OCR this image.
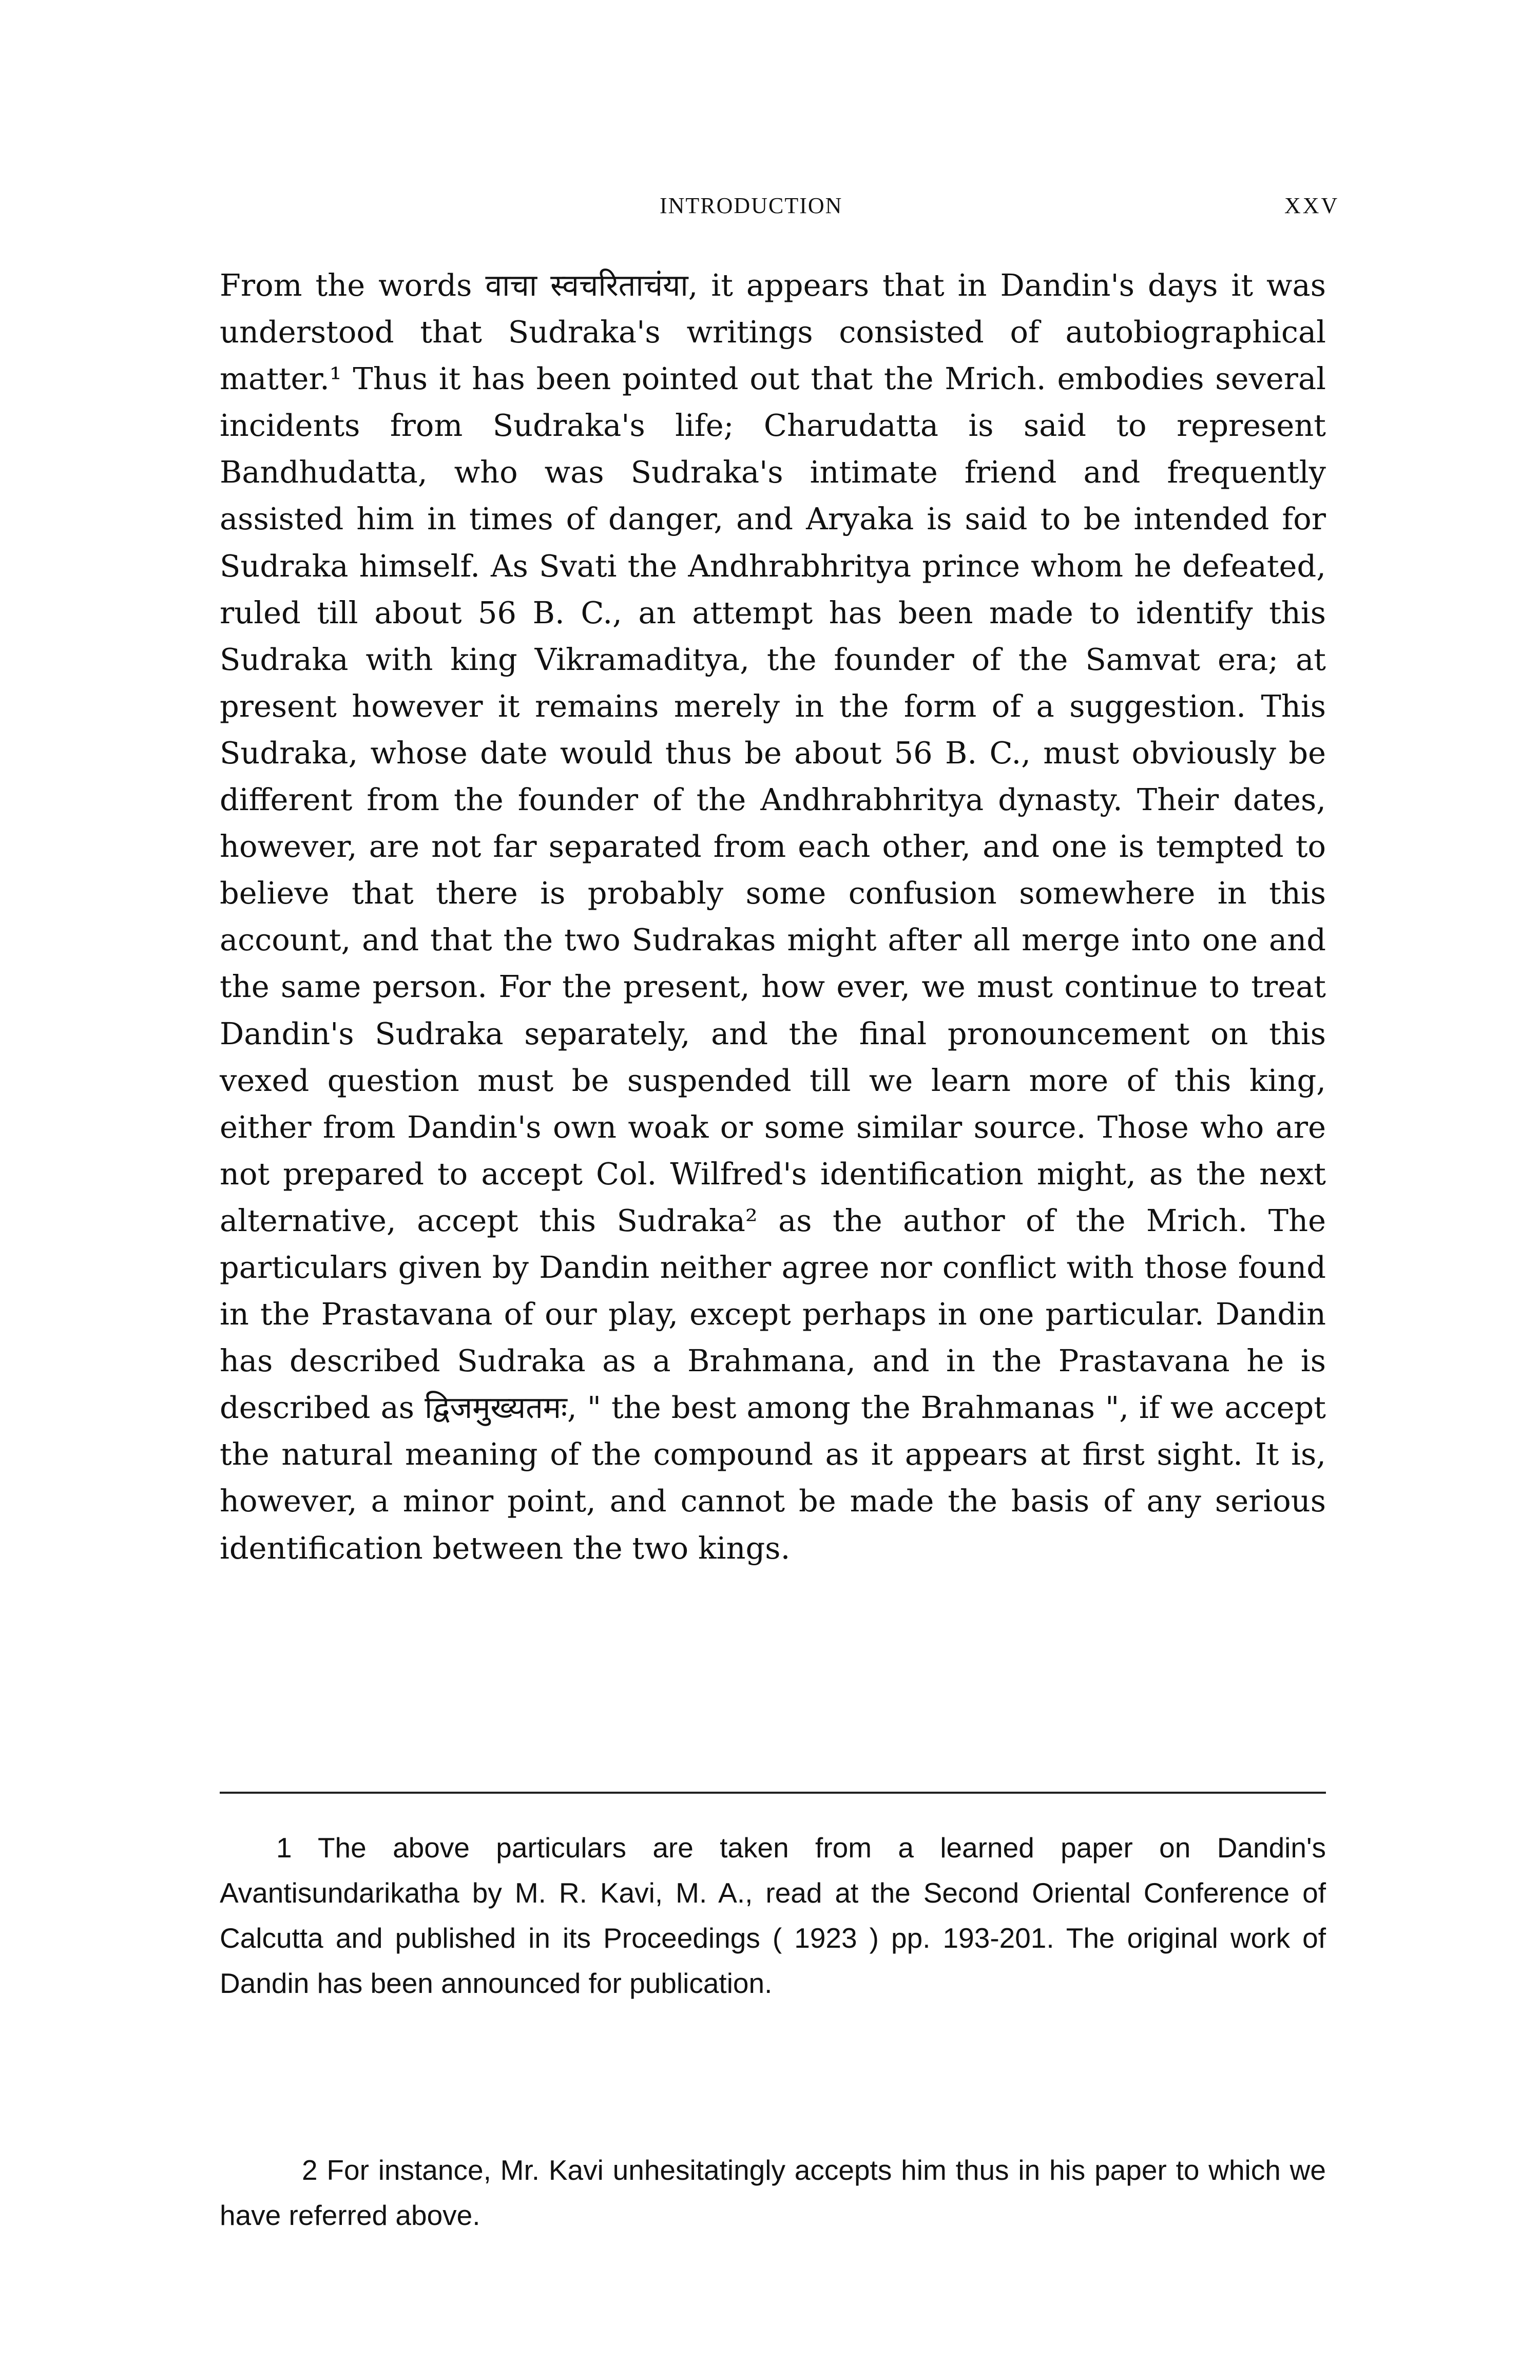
INTRODUCTION	XXV

From the words वाचा स्वचरिताचंया, it appears that in Dandin's days it was understood that Sudraka's writings consisted of autobiographical matter.¹ Thus it has been pointed out that the Mrich. embodies several incidents from Sudraka's life; Charudatta is said to represent Bandhudatta, who was Sudraka's intimate friend and frequently assisted him in times of danger, and Aryaka is said to be intended for Sudraka himself. As Svati the Andhrabhritya prince whom he defeated, ruled till about 56 B. C., an attempt has been made to identify this Sudraka with king Vikramaditya, the founder of the Samvat era; at present however it remains merely in the form of a suggestion. This Sudraka, whose date would thus be about 56 B. C., must obviously be different from the founder of the Andhrabhritya dynasty. Their dates, however, are not far separated from each other, and one is tempted to believe that there is probably some confusion somewhere in this account, and that the two Sudrakas might after all merge into one and the same person. For the present, how ever, we must continue to treat Dandin's Sudraka separately, and the final pronouncement on this vexed question must be suspended till we learn more of this king, either from Dandin's own woak or some similar source. Those who are not prepared to accept Col. Wilfred's identification might, as the next alternative, accept this Sudraka² as the author of the Mrich. The particulars given by Dandin neither agree nor conflict with those found in the Prastavana of our play, except perhaps in one particular. Dandin has described Sudraka as a Brahmana, and in the Prastavana he is described as द्विजमुख्यतमः, " the best among the Brahmanas ", if we accept the natural meaning of the compound as it appears at first sight. It is, however, a minor point, and cannot be made the basis of any serious identification between the two kings.

1 The above particulars are taken from a learned paper on Dandin's Avantisundarikatha by M. R. Kavi, M. A., read at the Second Oriental Conference of Calcutta and published in its Proceedings ( 1923 ) pp. 193-201. The original work of Dandin has been announced for publication.

2 For instance, Mr. Kavi unhesitatingly accepts him thus in his paper to which we have referred above.
